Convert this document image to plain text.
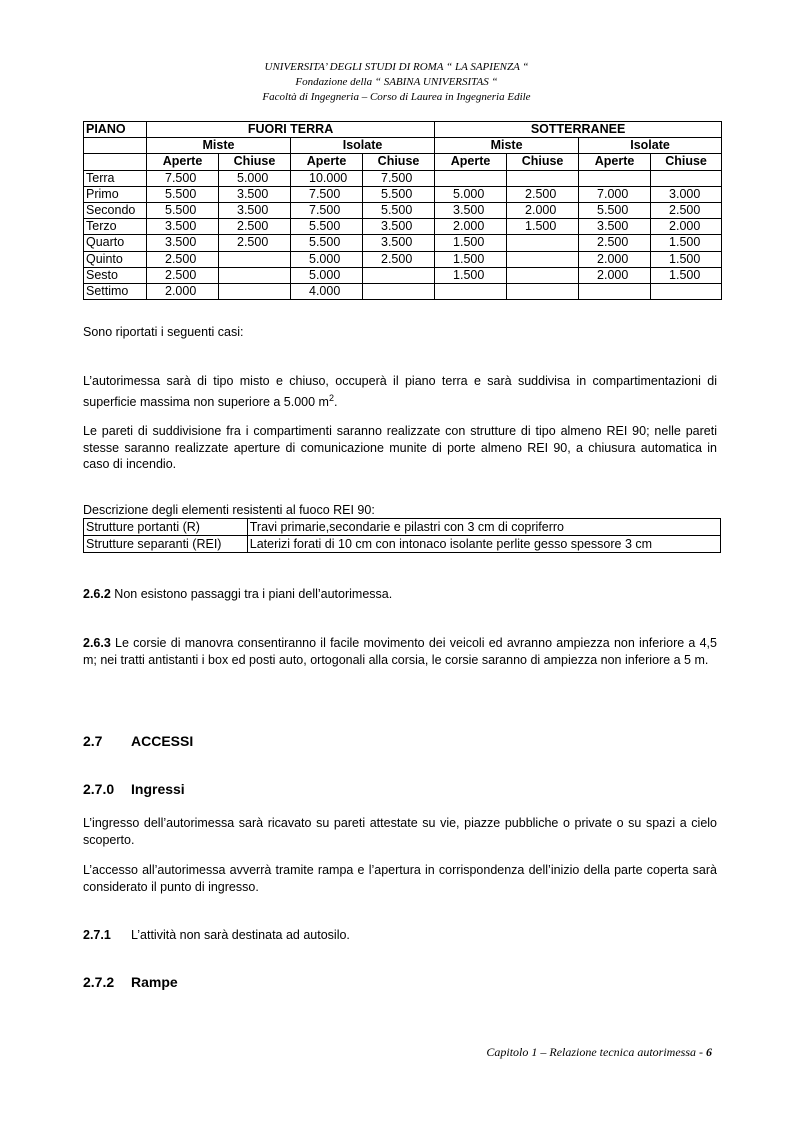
UNIVERSITA’ DEGLI STUDI DI ROMA “ LA SAPIENZA “
Fondazione della “ SABINA UNIVERSITAS “
Facoltà di Ingegneria – Corso di Laurea in Ingegneria Edile
PIANO	FUORI TERRA				SOTTERRANEE			
	Miste		Isolate		Miste		Isolate	
	Aperte	Chiuse	Aperte	Chiuse	Aperte	Chiuse	Aperte	Chiuse
Terra	7.500	5.000	10.000	7.500				
Primo	5.500	3.500	7.500	5.500	5.000	2.500	7.000	3.000
Secondo	5.500	3.500	7.500	5.500	3.500	2.000	5.500	2.500
Terzo	3.500	2.500	5.500	3.500	2.000	1.500	3.500	2.000
Quarto	3.500	2.500	5.500	3.500	1.500		2.500	1.500
Quinto	2.500		5.000	2.500	1.500		2.000	1.500
Sesto	2.500		5.000		1.500		2.000	1.500
Settimo	2.000		4.000					
Sono riportati i seguenti casi:
L’autorimessa sarà di tipo misto e chiuso, occuperà il piano terra e sarà suddivisa in compartimentazioni di superficie massima non superiore a 5.000 $m^2$.
Le pareti di suddivisione fra i compartimenti saranno realizzate con strutture di tipo almeno REI 90; nelle pareti stesse saranno realizzate aperture di comunicazione munite di porte almeno REI 90, a chiusura automatica in caso di incendio.
Descrizione degli elementi resistenti al fuoco REI 90:
Strutture portanti (R)	Travi primarie,secondarie e pilastri con 3 cm di copriferro
Strutture separanti (REI)	Laterizi forati di 10 cm con intonaco isolante perlite gesso spessore 3 cm
2.6.2 Non esistono passaggi tra i piani dell’autorimessa.
2.6.3 Le corsie di manovra consentiranno il facile movimento dei veicoli ed avranno ampiezza non inferiore a 4,5 m; nei tratti antistanti i box ed posti auto, ortogonali alla corsia, le corsie saranno di ampiezza non inferiore a 5 m.
2.7 ACCESSI
2.7.0 Ingressi
L’ingresso dell’autorimessa sarà ricavato su pareti attestate su vie, piazze pubbliche o private o su spazi a cielo scoperto.
L’accesso all’autorimessa avverrà tramite rampa e l’apertura in corrispondenza dell’inizio della parte coperta sarà considerato il punto di ingresso.
2.7.1 L’attività non sarà destinata ad autosilo.
2.7.2 Rampe
Capitolo 1 – Relazione tecnica autorimessa - 6
